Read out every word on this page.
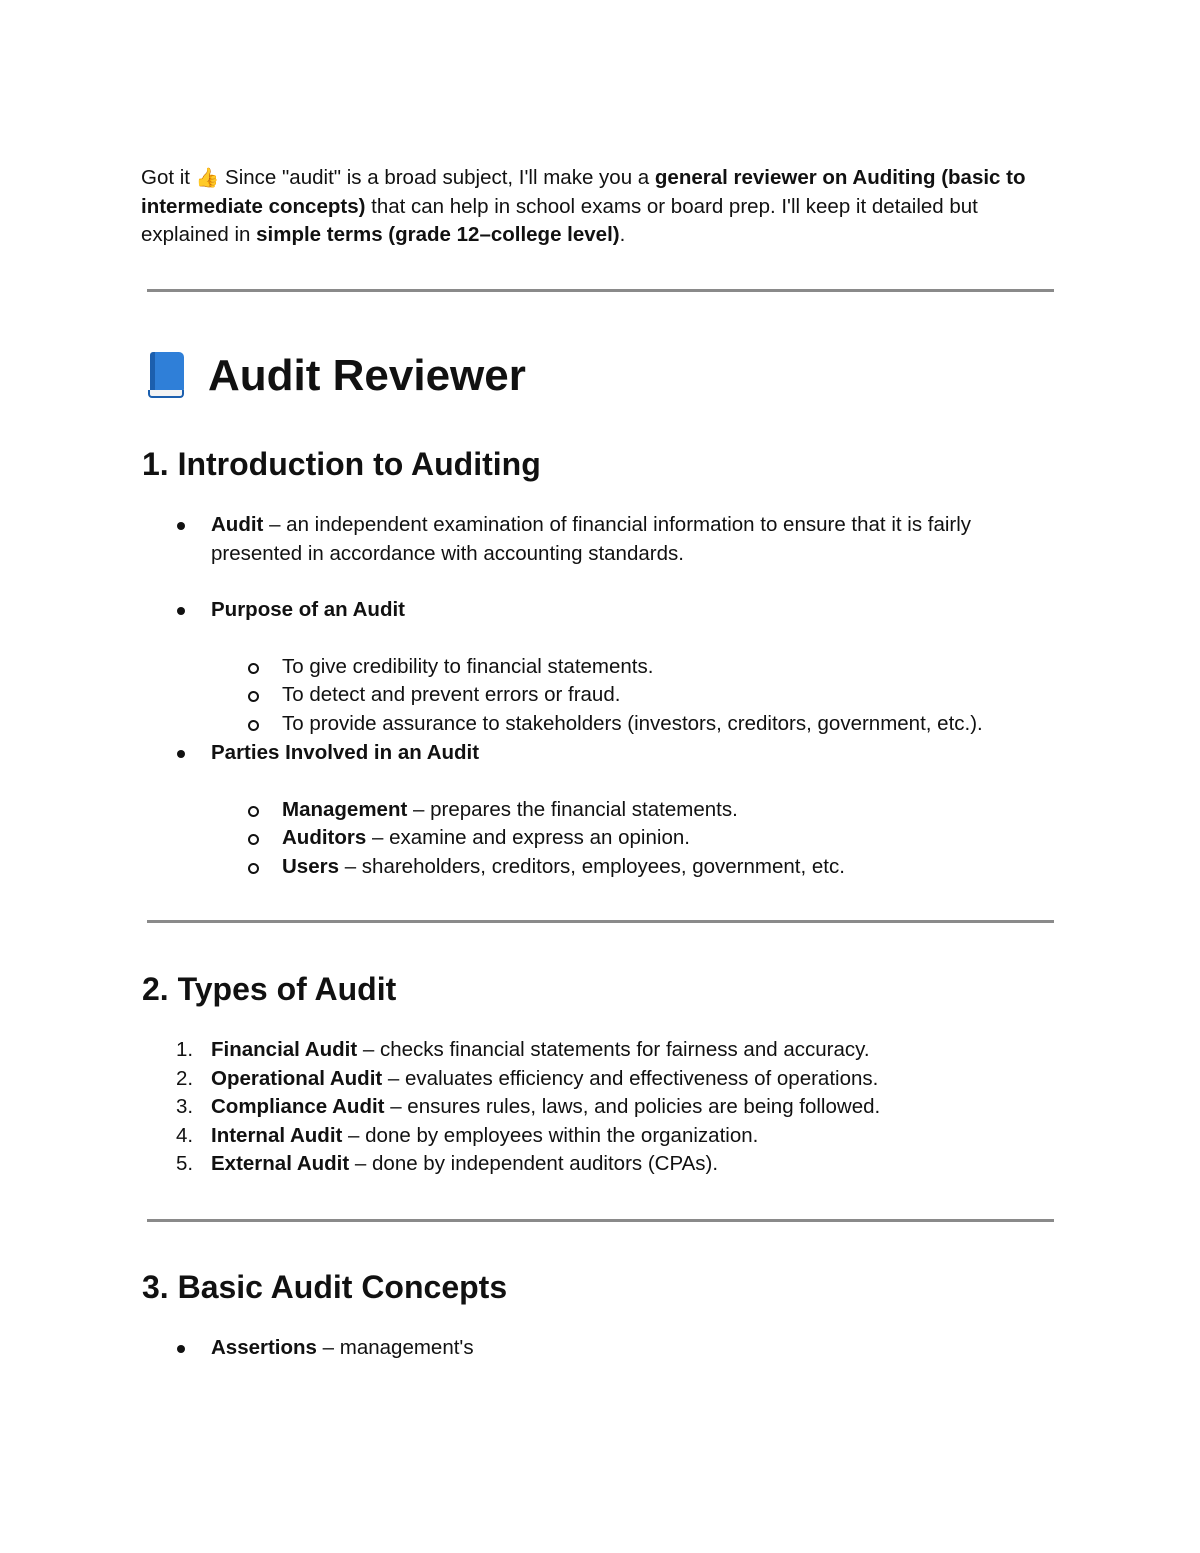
Got it 👍 Since "audit" is a broad subject, I'll make you a general reviewer on Auditing (basic to intermediate concepts) that can help in school exams or board prep. I'll keep it detailed but explained in simple terms (grade 12–college level).

Audit Reviewer
1. Introduction to Auditing
Audit – an independent examination of financial information to ensure that it is fairly
presented in accordance with accounting standards.
Purpose of an Audit
To give credibility to financial statements.
To detect and prevent errors or fraud.
To provide assurance to stakeholders (investors, creditors, government, etc.).
Parties Involved in an Audit
Management – prepares the financial statements.
Auditors – examine and express an opinion.
Users – shareholders, creditors, employees, government, etc.
2. Types of Audit
1. Financial Audit – checks financial statements for fairness and accuracy.
2. Operational Audit – evaluates efficiency and effectiveness of operations.
3. Compliance Audit – ensures rules, laws, and policies are being followed.
4. Internal Audit – done by employees within the organization.
5. External Audit – done by independent auditors (CPAs).
3. Basic Audit Concepts
Assertions – management's
